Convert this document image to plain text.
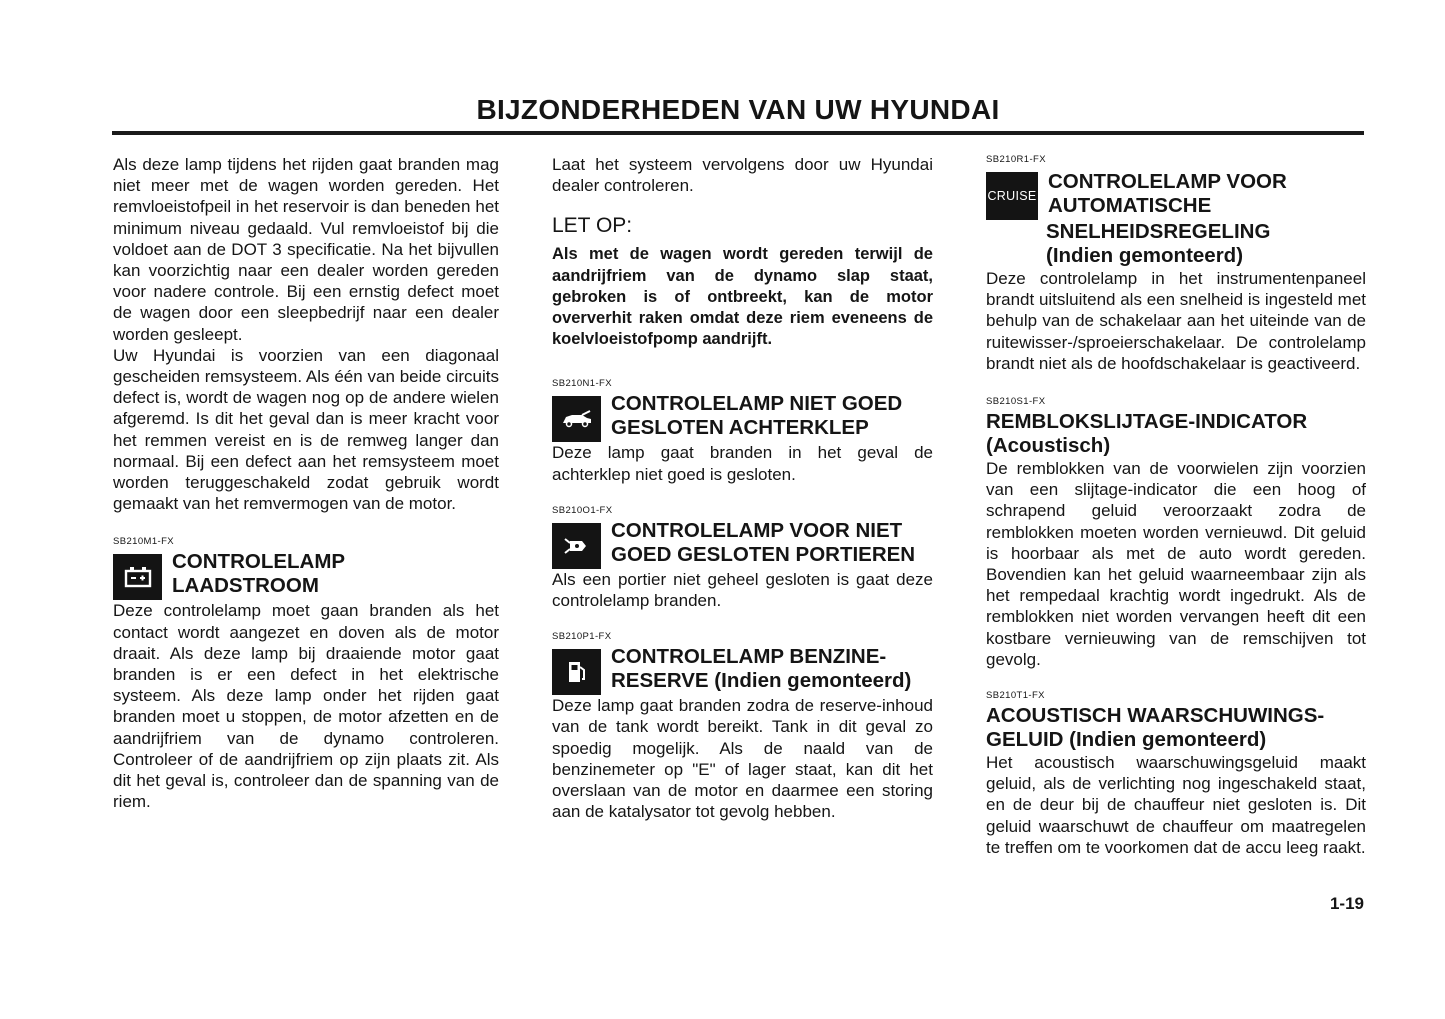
BIJZONDERHEDEN VAN UW HYUNDAI

Als deze lamp tijdens het rijden gaat branden mag niet meer met de wagen worden gereden. Het remvloeistofpeil in het reservoir is dan beneden het minimum niveau gedaald. Vul remvloeistof bij die voldoet aan de DOT 3 specificatie. Na het bijvullen kan voorzichtig naar een dealer worden gereden voor nadere controle. Bij een ernstig defect moet de wagen door een sleepbedrijf naar een dealer worden gesleept.

Uw Hyundai is voorzien van een diagonaal gescheiden remsysteem. Als één van beide circuits defect is, wordt de wagen nog op de andere wielen afgeremd. Is dit het geval dan is meer kracht voor het remmen vereist en is de remweg langer dan normaal. Bij een defect aan het remsysteem moet worden teruggeschakeld zodat gebruik wordt gemaakt van het remvermogen van de motor.

SB210M1-FX
CONTROLELAMP
LAADSTROOM

Deze controlelamp moet gaan branden als het contact wordt aangezet en doven als de motor draait. Als deze lamp bij draaiende motor gaat branden is er een defect in het elektrische systeem. Als deze lamp onder het rijden gaat branden moet u stoppen, de motor afzetten en de aandrijfriem van de dynamo controleren. Controleer of de aandrijfriem op zijn plaats zit. Als dit het geval is, controleer dan de spanning van de riem.

Laat het systeem vervolgens door uw Hyundai dealer controleren.

LET OP:

Als met de wagen wordt gereden terwijl de aandrijfriem van de dynamo slap staat, gebroken is of ontbreekt, kan de motor oververhit raken omdat deze riem eveneens de koelvloeistofpomp aandrijft.

SB210N1-FX
CONTROLELAMP NIET GOED
GESLOTEN ACHTERKLEP

Deze lamp gaat branden in het geval de achterklep niet goed is gesloten.

SB210O1-FX
CONTROLELAMP VOOR NIET
GOED GESLOTEN PORTIEREN

Als een portier niet geheel gesloten is gaat deze controlelamp branden.

SB210P1-FX
CONTROLELAMP BENZINE-
RESERVE (Indien gemonteerd)

Deze lamp gaat branden zodra de reserve-inhoud van de tank wordt bereikt. Tank in dit geval zo spoedig mogelijk. Als de naald van de benzinemeter op "E" of lager staat, kan dit het overslaan van de motor en daarmee een storing aan de katalysator tot gevolg hebben.

SB210R1-FX
CRUISE
CONTROLELAMP VOOR
AUTOMATISCHE
SNELHEIDSREGELING
(Indien gemonteerd)

Deze controlelamp in het instrumentenpaneel brandt uitsluitend als een snelheid is ingesteld met behulp van de schakelaar aan het uiteinde van de ruitewisser-/sproeierschakelaar. De controlelamp brandt niet als de hoofdschakelaar is geactiveerd.

SB210S1-FX
REMBLOKSLIJTAGE-INDICATOR
(Acoustisch)

De remblokken van de voorwielen zijn voorzien van een slijtage-indicator die een hoog of schrapend geluid veroorzaakt zodra de remblokken moeten worden vernieuwd. Dit geluid is hoorbaar als met de auto wordt gereden. Bovendien kan het geluid waarneembaar zijn als het rempedaal krachtig wordt ingedrukt. Als de remblokken niet worden vervangen heeft dit een kostbare vernieuwing van de remschijven tot gevolg.

SB210T1-FX
ACOUSTISCH WAARSCHUWINGS-
GELUID (Indien gemonteerd)

Het acoustisch waarschuwingsgeluid maakt geluid, als de verlichting nog ingeschakeld staat, en de deur bij de chauffeur niet gesloten is. Dit geluid waarschuwt de chauffeur om maatregelen te treffen om te voorkomen dat de accu leeg raakt.

1-19
